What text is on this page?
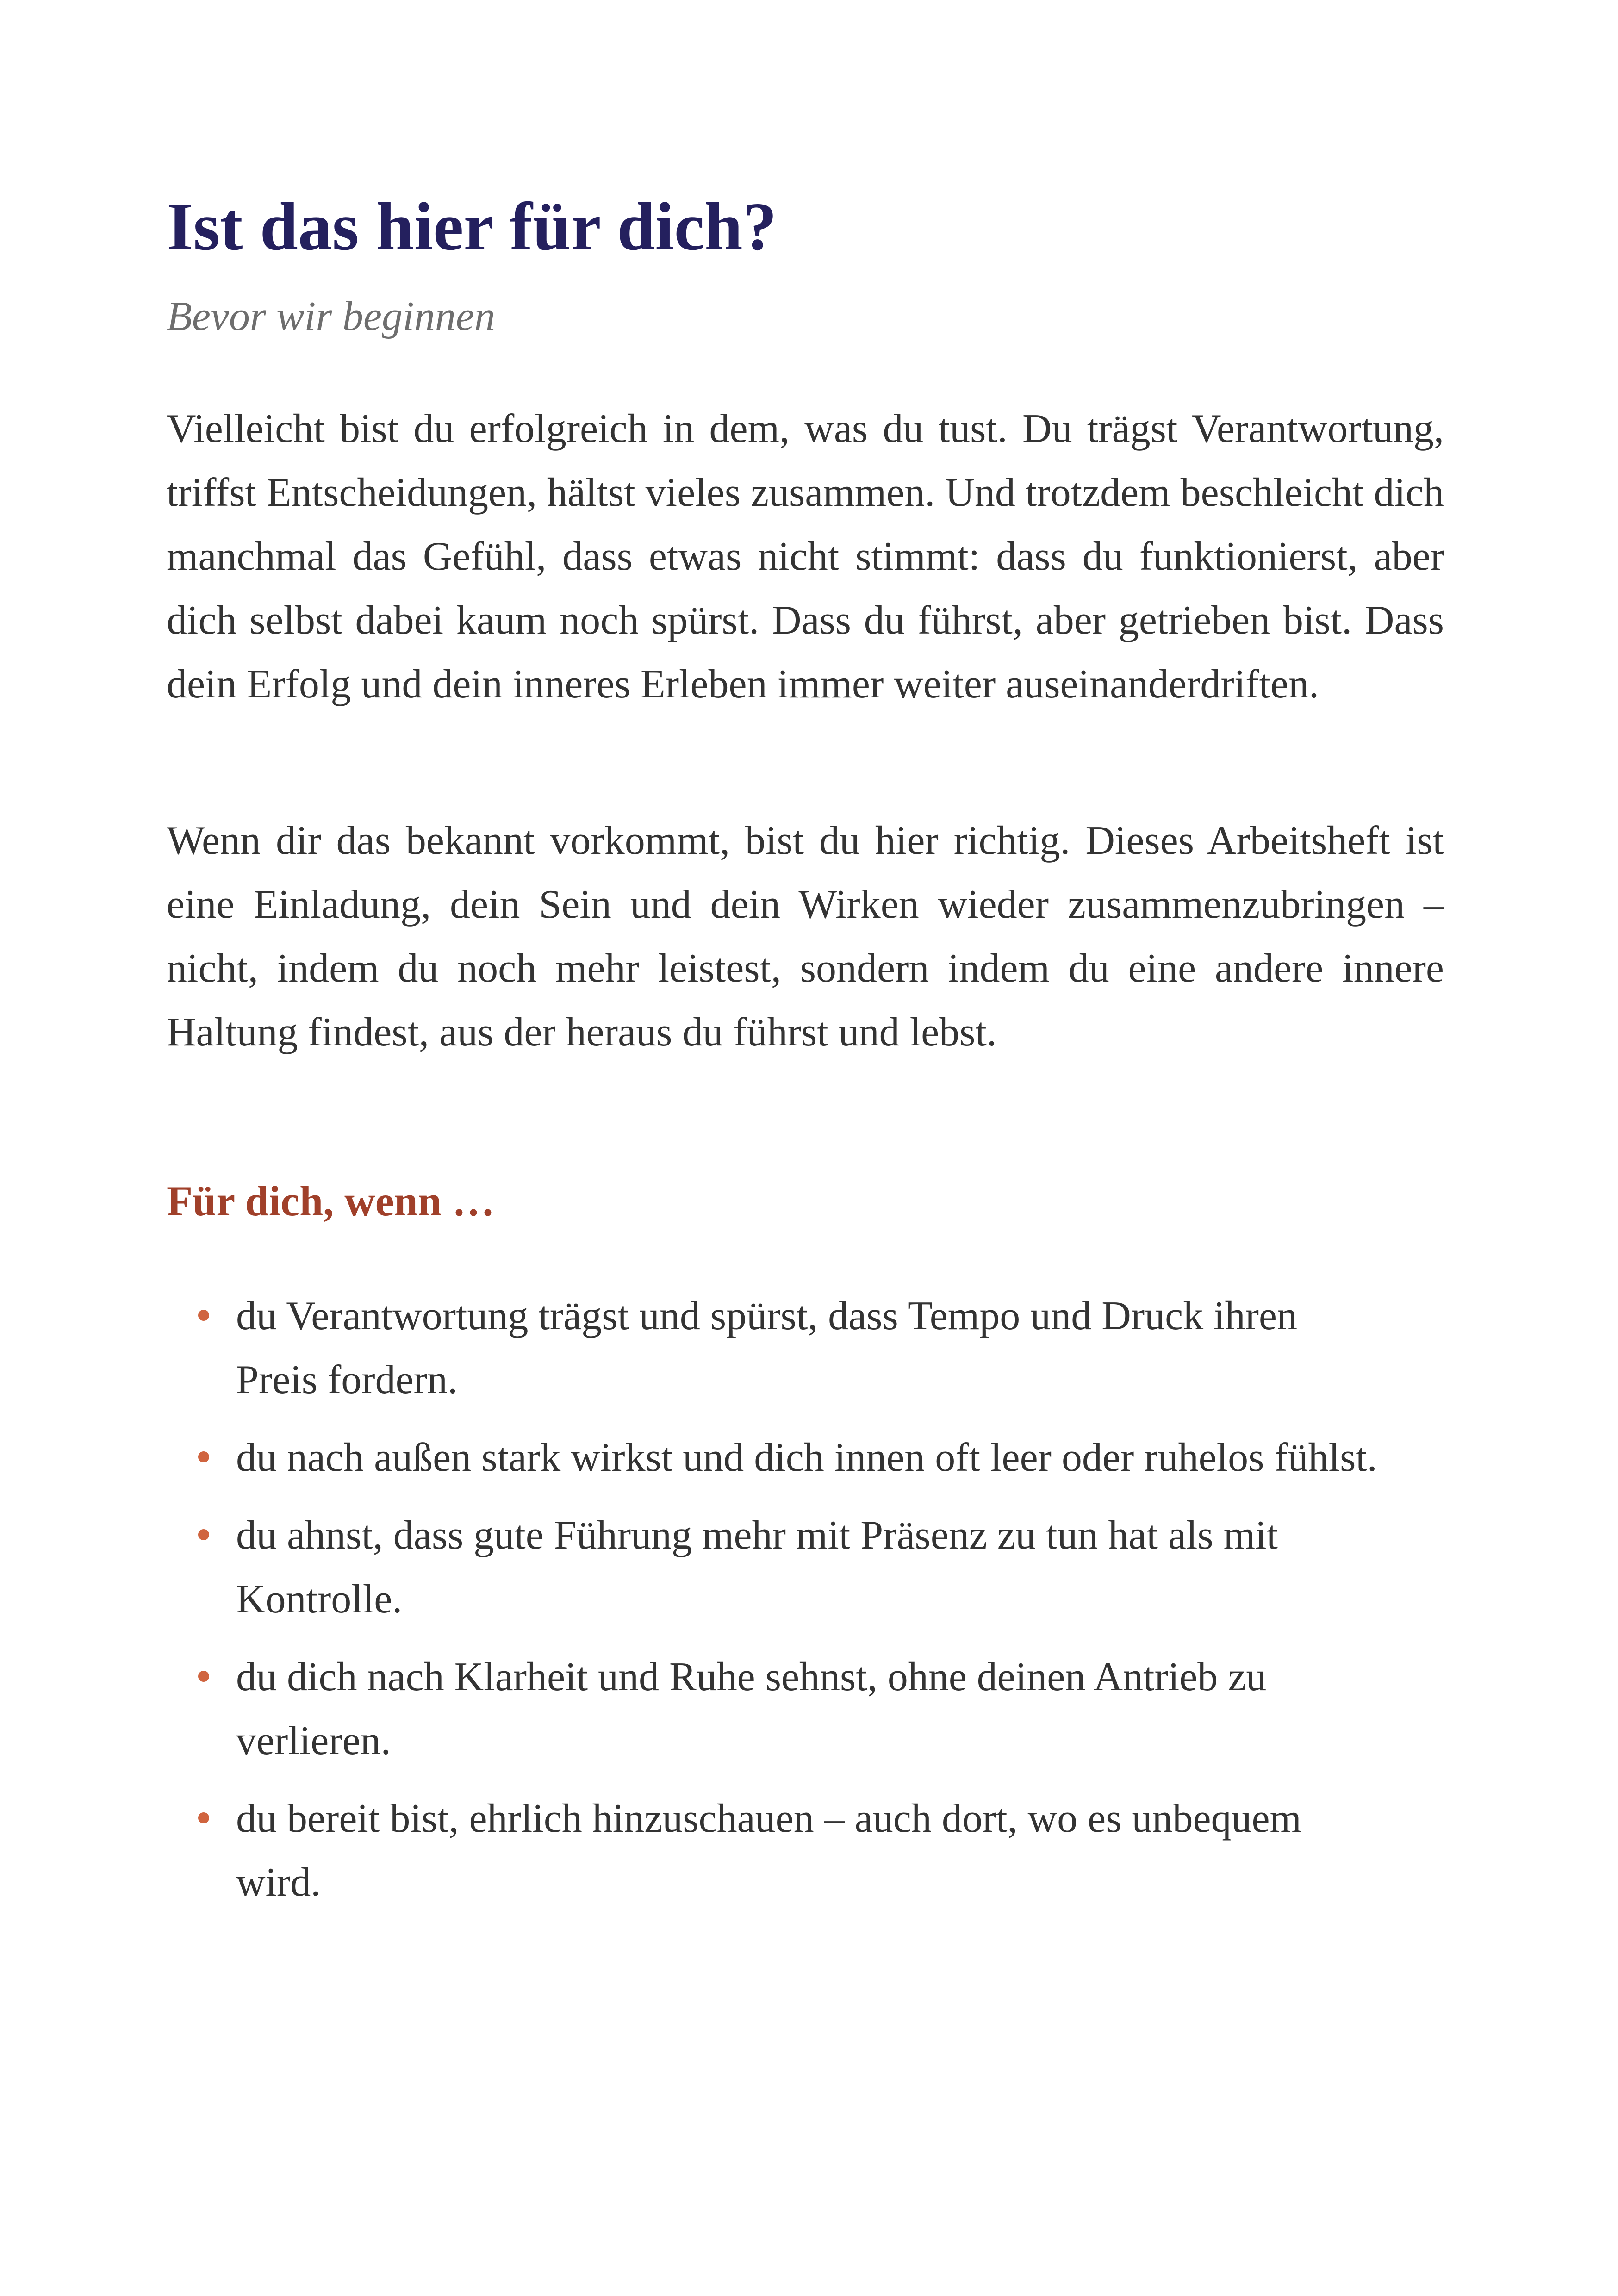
Ist das hier für dich?

Bevor wir beginnen

Vielleicht bist du erfolgreich in dem, was du tust. Du trägst Verantwortung, triffst Entscheidungen, hältst vieles zusammen. Und trotzdem beschleicht dich manchmal das Gefühl, dass etwas nicht stimmt: dass du funktionierst, aber dich selbst dabei kaum noch spürst. Dass du führst, aber getrieben bist. Dass dein Erfolg und dein inneres Erleben immer weiter auseinanderdriften.

Wenn dir das bekannt vorkommt, bist du hier richtig. Dieses Arbeitsheft ist eine Einladung, dein Sein und dein Wirken wieder zusammenzubringen – nicht, indem du noch mehr leistest, sondern indem du eine andere innere Haltung findest, aus der heraus du führst und lebst.

Für dich, wenn …
du Verantwortung trägst und spürst, dass Tempo und Druck ihren Preis fordern.
du nach außen stark wirkst und dich innen oft leer oder ruhelos fühlst.
du ahnst, dass gute Führung mehr mit Präsenz zu tun hat als mit Kontrolle.
du dich nach Klarheit und Ruhe sehnst, ohne deinen Antrieb zu verlieren.
du bereit bist, ehrlich hinzuschauen – auch dort, wo es unbequem wird.
